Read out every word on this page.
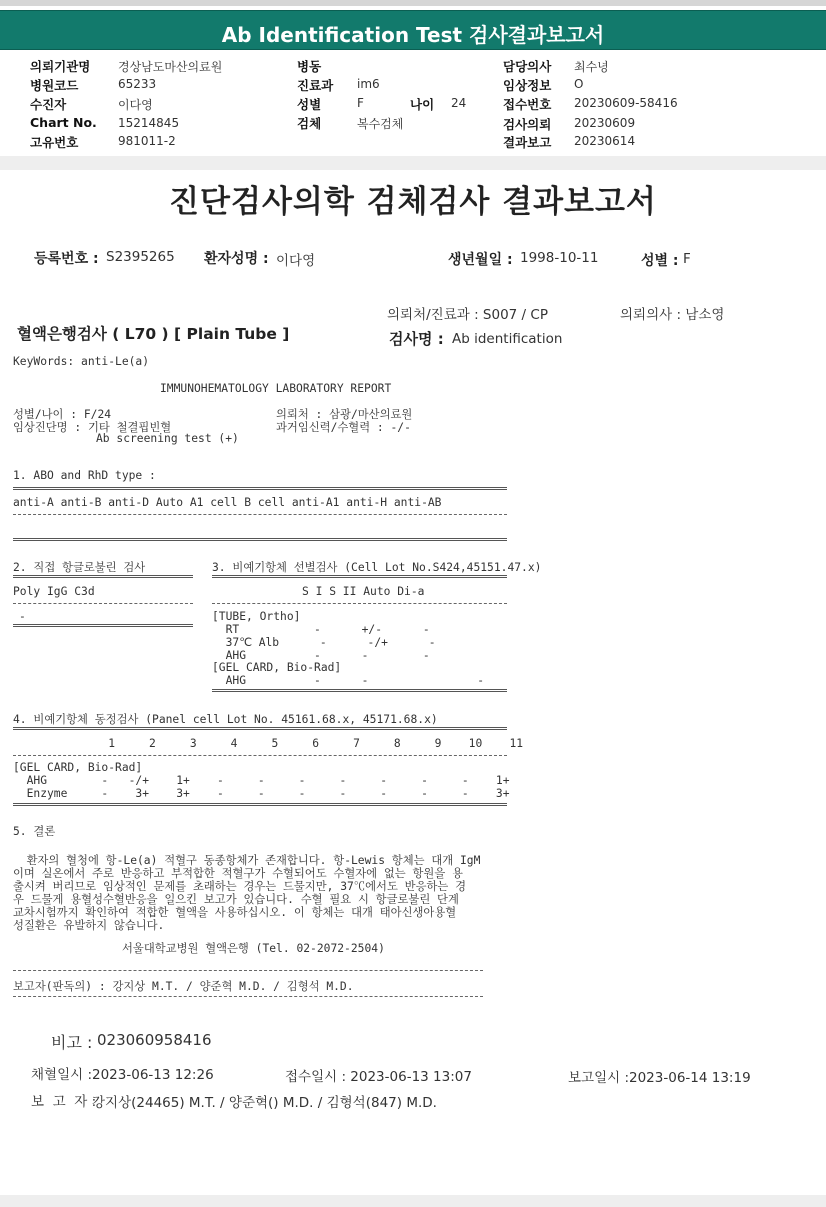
Ab Identification Test 검사결과보고서
의뢰기관명 경상남도마산의료원
병원코드	65233
수진자	이다영
Chart No. 15214845
고유번호	981011-2
병동
진료과 im6
성별	F	나이 24
검체	복수검체
담당의사 최수녕
임상정보 O
접수번호 20230609-58416
검사의뢰 20230609
결과보고 20230614
진단검사의학 검체검사 결과보고서
등록번호 : S2395265 환자성명 : 이다영	생년월일 : 1998-10-11	성별 : F
의뢰처/진료과 : S007 / CP	의뢰의사 : 남소영
혈액은행검사 ( L70 ) [ Plain Tube ]	검사명 : Ab identification
KeyWords: anti-Le(a)
IMMUNOHEMATOLOGY LABORATORY REPORT
성별/나이 : F/24
임상진단명 : 기타 철결핍빈혈
Ab screening test (+)
의뢰처 : 삼광/마산의료원
과거임신력/수혈력 : -/-
1. ABO and RhD type :
anti-A anti-B anti-D Auto A1 cell B cell anti-A1 anti-H anti-AB
2. 직접 항글로불린 검사
Poly IgG C3d
-
3. 비예기항체 선별검사 (Cell Lot No.S424,45151.47.x)
S I S II Auto Di-a
[TUBE, Ortho]
RT           -      +/-      -
37℃ Alb      -      -/+      -
AHG          -      -        -
[GEL CARD, Bio-Rad]
AHG          -      -                -
4. 비예기항체 동정검사 (Panel cell Lot No. 45161.68.x, 45171.68.x)
1     2     3     4     5     6     7     8     9    10    11
[GEL CARD, Bio-Rad]
AHG        -   -/+    1+    -     -     -     -     -     -     -    1+
Enzyme     -    3+    3+    -     -     -     -     -     -     -    3+
5. 결론
환자의 혈청에 항-Le(a) 적혈구 동종항체가 존재합니다. 항-Lewis 항체는 대개 IgM
이며 실온에서 주로 반응하고 부적합한 적혈구가 수혈되어도 수혈자에 없는 항원을 용
출시켜 버리므로 임상적인 문제를 초래하는 경우는 드물지만, 37℃에서도 반응하는 경
우 드물게 용혈성수혈반응을 일으킨 보고가 있습니다. 수혈 필요 시 항글로불린 단계
교차시험까지 확인하여 적합한 혈액을 사용하십시오. 이 항체는 대개 태아신생아용혈
성질환은 유발하지 않습니다.
서울대학교병원 혈액은행 (Tel. 02-2072-2504)
보고자(판독의) : 강지상 M.T. / 양준혁 M.D. / 김형석 M.D.
비고 : 023060958416
채혈일시 :2023-06-13 12:26	접수일시 : 2023-06-13 13:07	보고일시 :2023-06-14 13:19
보  고  자 :
강지상(24465) M.T. / 양준혁() M.D. / 김형석(847) M.D.
